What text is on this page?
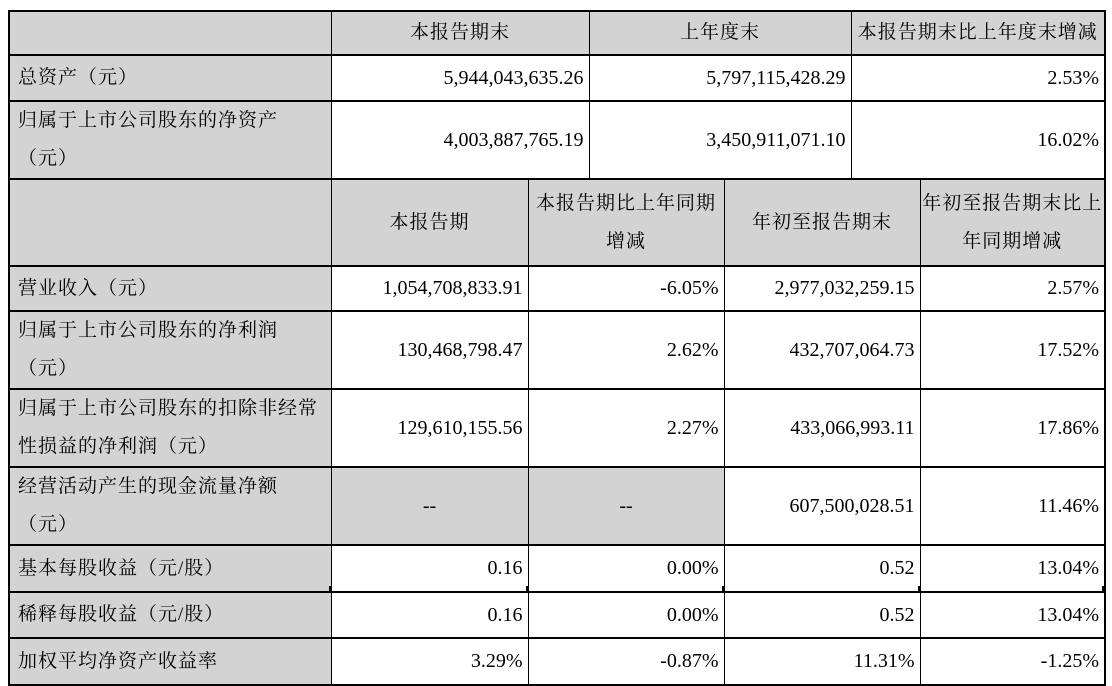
	本报告期末	上年度末	本报告期末比上年度末增减
总资产（元）	5,944,043,635.26	5,797,115,428.29	2.53%
归属于上市公司股东的净资产（元）	4,003,887,765.19	3,450,911,071.10	16.02%
	本报告期	本报告期比上年同期增减	年初至报告期末	年初至报告期末比上年同期增减
营业收入（元）	1,054,708,833.91	-6.05%	2,977,032,259.15	2.57%
归属于上市公司股东的净利润（元）	130,468,798.47	2.62%	432,707,064.73	17.52%
归属于上市公司股东的扣除非经常性损益的净利润（元）	129,610,155.56	2.27%	433,066,993.11	17.86%
经营活动产生的现金流量净额（元）	--	--	607,500,028.51	11.46%
基本每股收益（元/股）	0.16	0.00%	0.52	13.04%
稀释每股收益（元/股）	0.16	0.00%	0.52	13.04%
加权平均净资产收益率	3.29%	-0.87%	11.31%	-1.25%
